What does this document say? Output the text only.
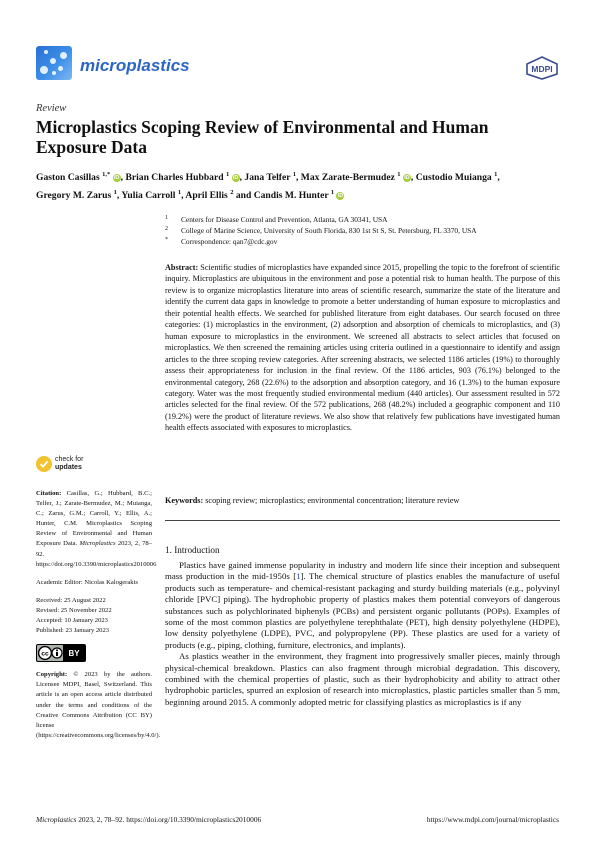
microplastics	MDPI
Review
Microplastics Scoping Review of Environmental and Human Exposure Data
Gaston Casillas $^{1,*}$ iD, Brian Charles Hubbard $^1$ iD, Jana Telfer $^1$, Max Zarate-Bermudez $^1$ iD, Custodio Muianga $^1$,
Gregory M. Zarus $^1$, Yulia Carroll $^1$, April Ellis $^2$ and Candis M. Hunter $^1$ iD
1 Centers for Disease Control and Prevention, Atlanta, GA 30341, USA
2 College of Marine Science, University of South Florida, 830 1st St S, St. Petersburg, FL 3370, USA
* Correspondence: qan7@cdc.gov
Abstract: Scientific studies of microplastics have expanded since 2015, propelling the topic to the forefront of scientific inquiry. Microplastics are ubiquitous in the environment and pose a potential risk to human health. The purpose of this review is to organize microplastics literature into areas of scientific research, summarize the state of the literature and identify the current data gaps in knowledge to promote a better understanding of human exposure to microplastics and their potential health effects. We searched for published literature from eight databases. Our search focused on three categories: (1) microplastics in the environment, (2) adsorption and absorption of chemicals to microplastics, and (3) human exposure to microplastics in the environment. We screened all abstracts to select articles that focused on microplastics. We then screened the remaining articles using criteria outlined in a questionnaire to identify and assign articles to the three scoping review categories. After screening abstracts, we selected 1186 articles (19%) to thoroughly assess their appropriateness for inclusion in the final review. Of the 1186 articles, 903 (76.1%) belonged to the environmental category, 268 (22.6%) to the adsorption and absorption category, and 16 (1.3%) to the human exposure category. Water was the most frequently studied environmental medium (440 articles). Our assessment resulted in 572 articles selected for the final review. Of the 572 publications, 268 (48.2%) included a geographic component and 110 (19.2%) were the product of literature reviews. We also show that relatively few publications have investigated human health effects associated with exposures to microplastics.
Keywords: scoping review; microplastics; environmental concentration; literature review
1. Introduction

Plastics have gained immense popularity in industry and modern life since their inception and subsequent mass production in the mid-1950s [1]. The chemical structure of plastics enables the manufacture of useful products such as temperature- and chemical-resistant packaging and sturdy building materials (e.g., polyvinyl chloride [PVC] piping). The hydrophobic property of plastics makes them potential conveyors of dangerous substances such as polychlorinated biphenyls (PCBs) and persistent organic pollutants (POPs). Examples of some of the most common plastics are polyethylene terephthalate (PET), high density polyethylene (HDPE), low density polyethylene (LDPE), PVC, and polypropylene (PP). These plastics are used for a variety of products (e.g., piping, clothing, furniture, electronics, and implants).

As plastics weather in the environment, they fragment into progressively smaller pieces, mainly through physical-chemical breakdown. Plastics can also fragment through microbial degradation. This discovery, combined with the chemical properties of plastic, such as their hydrophobicity and ability to attract other hydrophobic particles, spurred an explosion of research into microplastics, plastic particles smaller than 5 mm, beginning around 2015. A commonly adopted metric for classifying plastics as microplastics is if any

check for
updates
Citation: Casillas, G.; Hubbard, B.C.; Telfer, J.; Zarate-Bermudez, M.; Muianga, C.; Zarus, G.M.; Carroll, Y.; Ellis, A.; Hunter, C.M. Microplastics Scoping Review of Environmental and Human Exposure Data. Microplastics 2023, 2, 78–92. https://doi.org/10.3390/microplastics2010006
Academic Editor: Nicolas Kalogerakis
Received: 25 August 2022
Revised: 25 November 2022
Accepted: 10 January 2023
Published: 23 January 2023
cc BY
Copyright: © 2023 by the authors. Licensee MDPI, Basel, Switzerland. This article is an open access article distributed under the terms and conditions of the Creative Commons Attribution (CC BY) license (https://creativecommons.org/licenses/by/4.0/).
Microplastics 2023, 2, 78–92. https://doi.org/10.3390/microplastics2010006	https://www.mdpi.com/journal/microplastics
